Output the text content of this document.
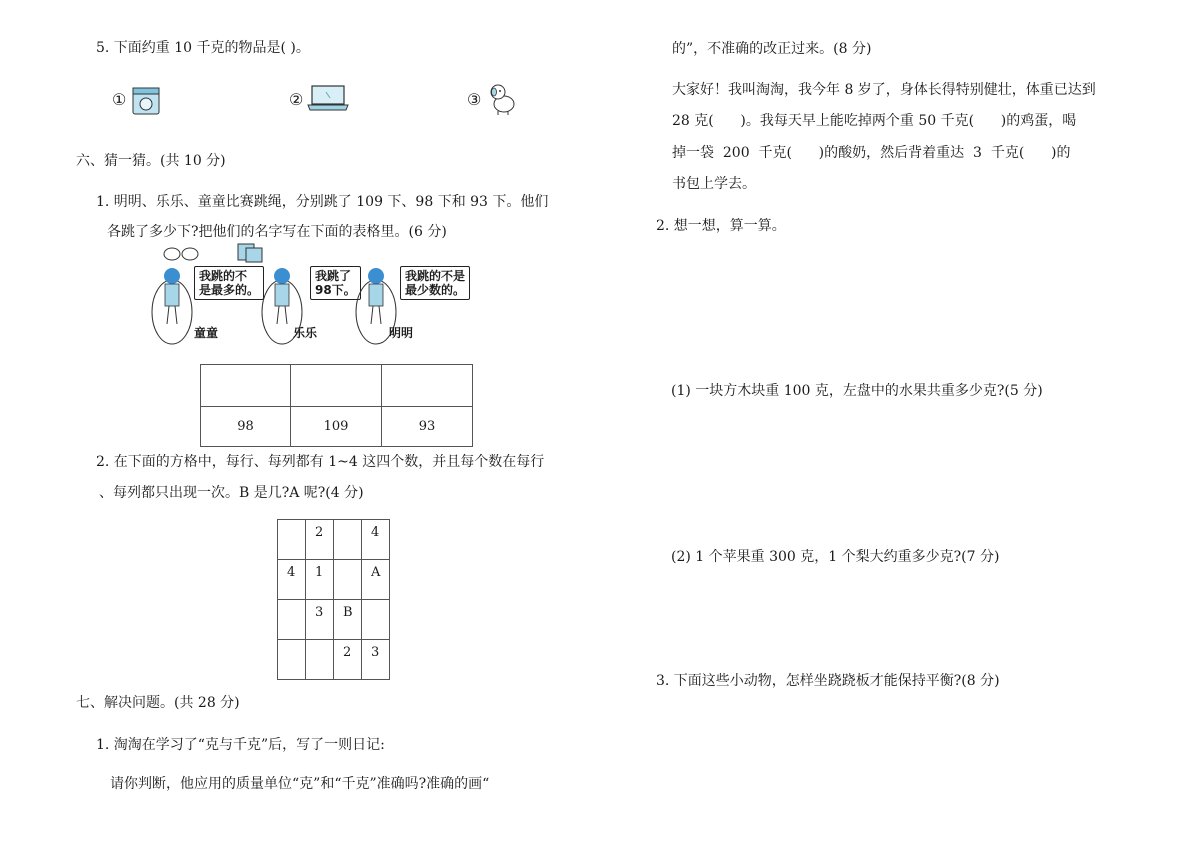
5. 下面约重 10 千克的物品是( )。
①	②	③
六、猜一猜。(共 10 分)
1. 明明、乐乐、童童比赛跳绳，分别跳了 109 下、98 下和 93 下。他们
各跳了多少下?把他们的名字写在下面的表格里。(6 分)
我跳的不
是最多的。
童童
我跳了
98下。
乐乐
我跳的不是
最少数的。
明明

98	109	93
2. 在下面的方格中，每行、每列都有 1~4 这四个数，并且每个数在每行
、每列都只出现一次。B 是几?A 呢?(4 分)
	2		4
4	1		A
	3	B	
		2	3
七、解决问题。(共 28 分)
1. 淘淘在学习了“克与千克”后，写了一则日记:
请你判断，他应用的质量单位“克”和“千克”准确吗?准确的画“
的”，不准确的改正过来。(8 分)
大家好！我叫淘淘，我今年 8 岁了，身体长得特别健壮，体重已达到
28 克(      )。我每天早上能吃掉两个重 50 千克(      )的鸡蛋，喝
掉一袋  200  千克(      )的酸奶，然后背着重达  3  千克(      )的
书包上学去。
2. 想一想，算一算。
(1) 一块方木块重 100 克，左盘中的水果共重多少克?(5 分)
(2) 1 个苹果重 300 克，1 个梨大约重多少克?(7 分)
3. 下面这些小动物，怎样坐跷跷板才能保持平衡?(8 分)
